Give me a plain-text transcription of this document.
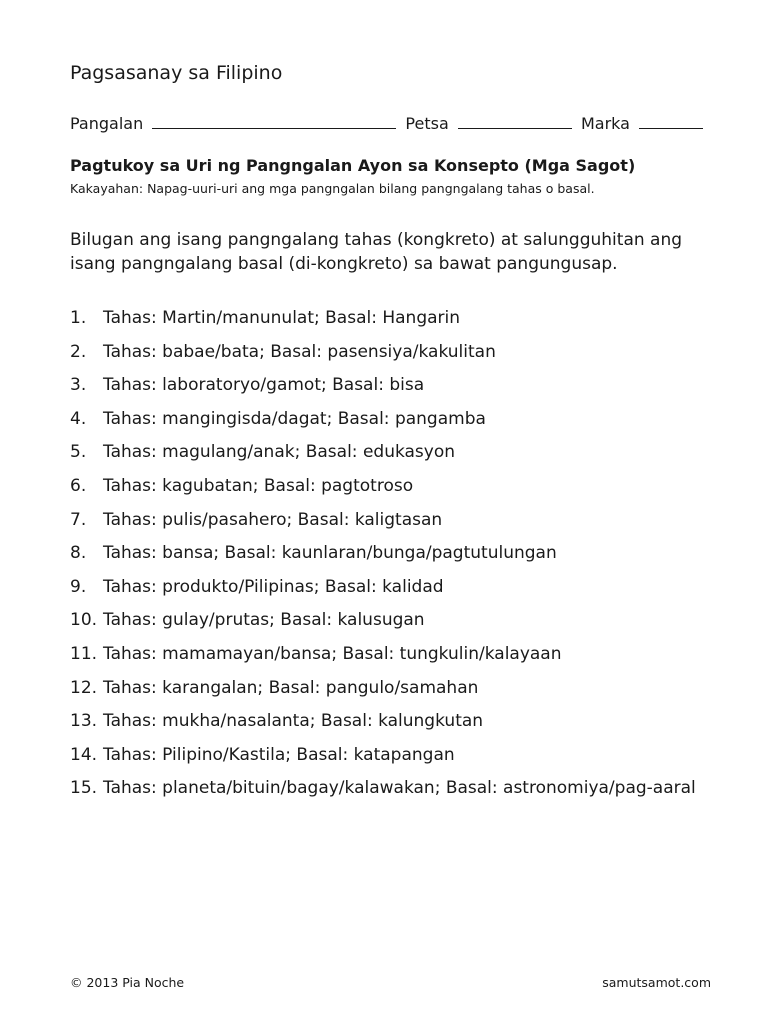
Pagsasanay sa Filipino
Pangalan	Petsa	Marka
Pagtukoy sa Uri ng Pangngalan Ayon sa Konsepto (Mga Sagot)
Kakayahan: Napag-uuri-uri ang mga pangngalan bilang pangngalang tahas o basal.
Bilugan ang isang pangngalang tahas (kongkreto) at salungguhitan ang isang pangngalang basal (di-kongkreto) sa bawat pangungusap.
1. Tahas: Martin/manunulat; Basal: Hangarin
2. Tahas: babae/bata; Basal: pasensiya/kakulitan
3. Tahas: laboratoryo/gamot; Basal: bisa
4. Tahas: mangingisda/dagat; Basal: pangamba
5. Tahas: magulang/anak; Basal: edukasyon
6. Tahas: kagubatan; Basal: pagtotroso
7. Tahas: pulis/pasahero; Basal: kaligtasan
8. Tahas: bansa; Basal: kaunlaran/bunga/pagtutulungan
9. Tahas: produkto/Pilipinas; Basal: kalidad
10. Tahas: gulay/prutas; Basal: kalusugan
11. Tahas: mamamayan/bansa; Basal: tungkulin/kalayaan
12. Tahas: karangalan; Basal: pangulo/samahan
13. Tahas: mukha/nasalanta; Basal: kalungkutan
14. Tahas: Pilipino/Kastila; Basal: katapangan
15. Tahas: planeta/bituin/bagay/kalawakan; Basal: astronomiya/pag-aaral
© 2013 Pia Noche	samutsamot.com
